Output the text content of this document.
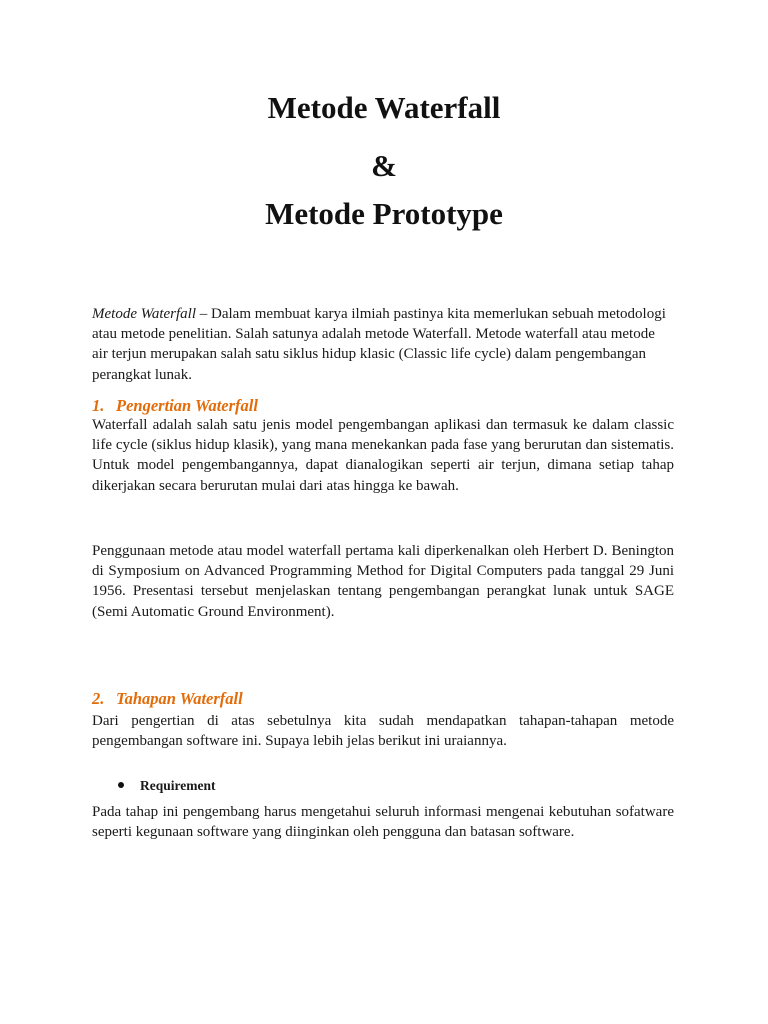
Metode Waterfall
&
Metode Prototype

Metode Waterfall – Dalam membuat karya ilmiah pastinya kita memerlukan sebuah metodologi atau metode penelitian. Salah satunya adalah metode Waterfall. Metode waterfall atau metode air terjun merupakan salah satu siklus hidup klasic (Classic life cycle) dalam pengembangan perangkat lunak.

1. Pengertian Waterfall

Waterfall adalah salah satu jenis model pengembangan aplikasi dan termasuk ke dalam classic life cycle (siklus hidup klasik), yang mana menekankan pada fase yang berurutan dan sistematis. Untuk model pengembangannya, dapat dianalogikan seperti air terjun, dimana setiap tahap dikerjakan secara berurutan mulai dari atas hingga ke bawah.

Penggunaan metode atau model waterfall pertama kali diperkenalkan oleh Herbert D. Benington di Symposium on Advanced Programming Method for Digital Computers pada tanggal 29 Juni 1956. Presentasi tersebut menjelaskan tentang pengembangan perangkat lunak untuk SAGE (Semi Automatic Ground Environment).

2. Tahapan Waterfall

Dari pengertian di atas sebetulnya kita sudah mendapatkan tahapan-tahapan metode pengembangan software ini. Supaya lebih jelas berikut ini uraiannya.

Requirement

Pada tahap ini pengembang harus mengetahui seluruh informasi mengenai kebutuhan sofatware seperti kegunaan software yang diinginkan oleh pengguna dan batasan software.
